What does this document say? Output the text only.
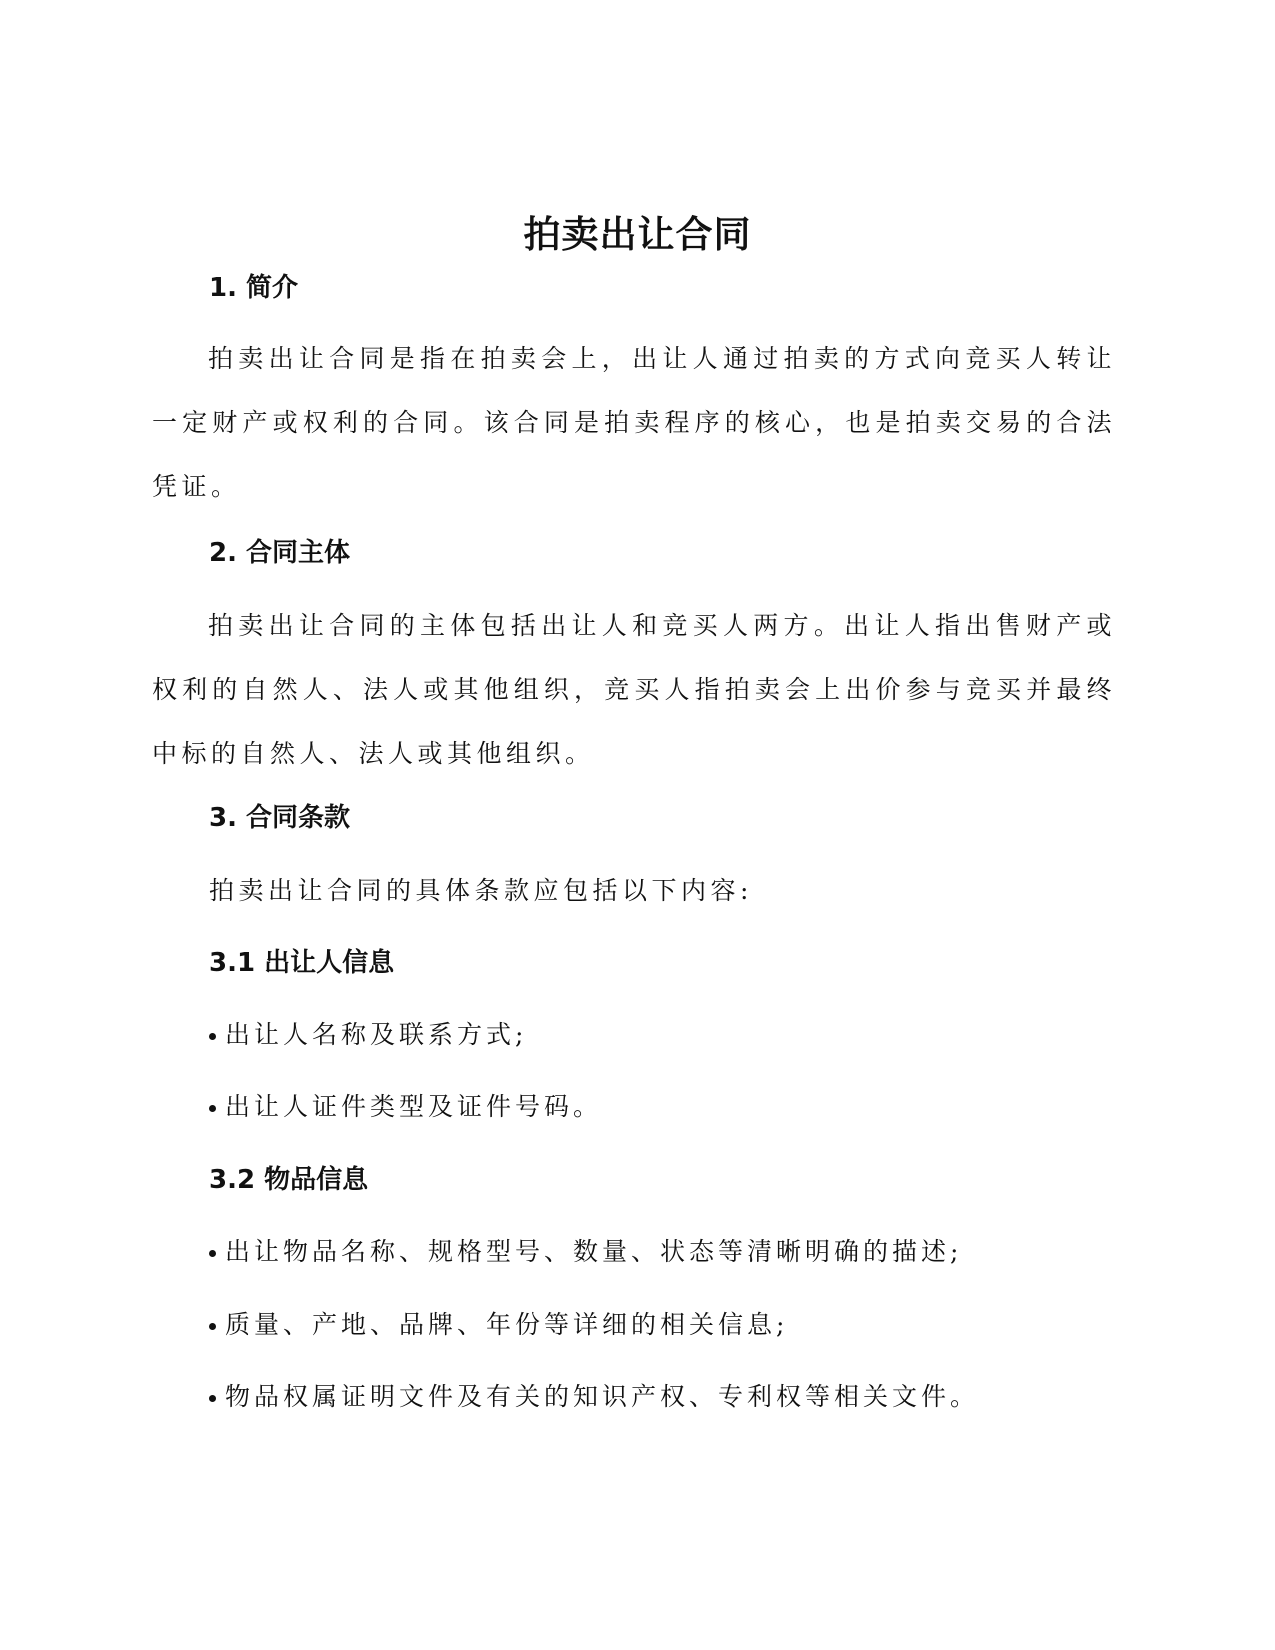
拍卖出让合同
1. 简介

拍卖出让合同是指在拍卖会上，出让人通过拍卖的方式向竞买人转让一定财产或权利的合同。该合同是拍卖程序的核心，也是拍卖交易的合法凭证。

2. 合同主体

拍卖出让合同的主体包括出让人和竞买人两方。出让人指出售财产或权利的自然人、法人或其他组织，竞买人指拍卖会上出价参与竞买并最终中标的自然人、法人或其他组织。

3. 合同条款

拍卖出让合同的具体条款应包括以下内容:

3.1 出让人信息
出让人名称及联系方式;
出让人证件类型及证件号码。
3.2 物品信息
出让物品名称、规格型号、数量、状态等清晰明确的描述;
质量、产地、品牌、年份等详细的相关信息;
物品权属证明文件及有关的知识产权、专利权等相关文件。
